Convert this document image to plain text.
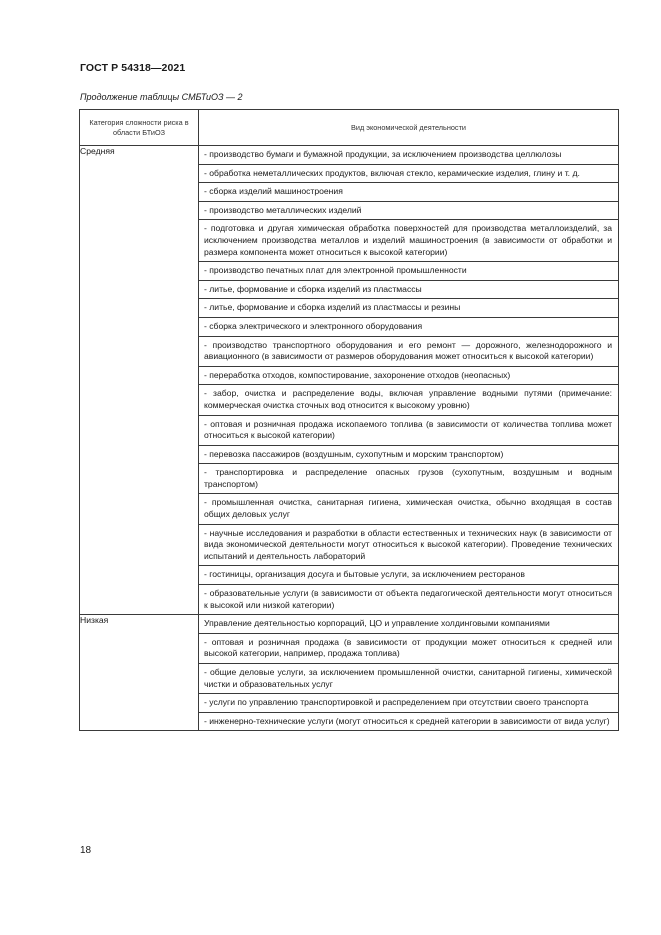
ГОСТ Р 54318—2021
Продолжение таблицы СМБТиОЗ — 2
Категория сложности риска в области БТиОЗ	Вид экономической деятельности

Средняя	- производство бумаги и бумажной продукции, за исключением производства целлюлозы
	- обработка неметаллических продуктов, включая стекло, керамические изделия, глину и т. д.
	- сборка изделий машиностроения
	- производство металлических изделий
	- подготовка и другая химическая обработка поверхностей для производства металлоизделий, за исключением производства металлов и изделий машиностроения (в зависимости от обработки и размера компонента может относиться к высокой категории)
	- производство печатных плат для электронной промышленности
	- литье, формование и сборка изделий из пластмассы
	- литье, формование и сборка изделий из пластмассы и резины
	- сборка электрического и электронного оборудования
	- производство транспортного оборудования и его ремонт — дорожного, железнодорожного и авиационного (в зависимости от размеров оборудования может относиться к высокой категории)
	- переработка отходов, компостирование, захоронение отходов (неопасных)
	- забор, очистка и распределение воды, включая управление водными путями (примечание: коммерческая очистка сточных вод относится к высокому уровню)
	- оптовая и розничная продажа ископаемого топлива (в зависимости от количества топлива может относиться к высокой категории)
	- перевозка пассажиров (воздушным, сухопутным и морским транспортом)
	- транспортировка и распределение опасных грузов (сухопутным, воздушным и водным транспортом)
	- промышленная очистка, санитарная гигиена, химическая очистка, обычно входящая в состав общих деловых услуг
	- научные исследования и разработки в области естественных и технических наук (в зависимости от вида экономической деятельности могут относиться к высокой категории). Проведение технических испытаний и деятельность лабораторий
	- гостиницы, организация досуга и бытовые услуги, за исключением ресторанов
	- образовательные услуги (в зависимости от объекта педагогической деятельности могут относиться к высокой или низкой категории)

Низкая	Управление деятельностью корпораций, ЦО и управление холдинговыми компаниями
	- оптовая и розничная продажа (в зависимости от продукции может относиться к средней или высокой категории, например, продажа топлива)
	- общие деловые услуги, за исключением промышленной очистки, санитарной гигиены, химической чистки и образовательных услуг
	- услуги по управлению транспортировкой и распределением при отсутствии своего транспорта
	- инженерно-технические услуги (могут относиться к средней категории в зависимости от вида услуг)
18
